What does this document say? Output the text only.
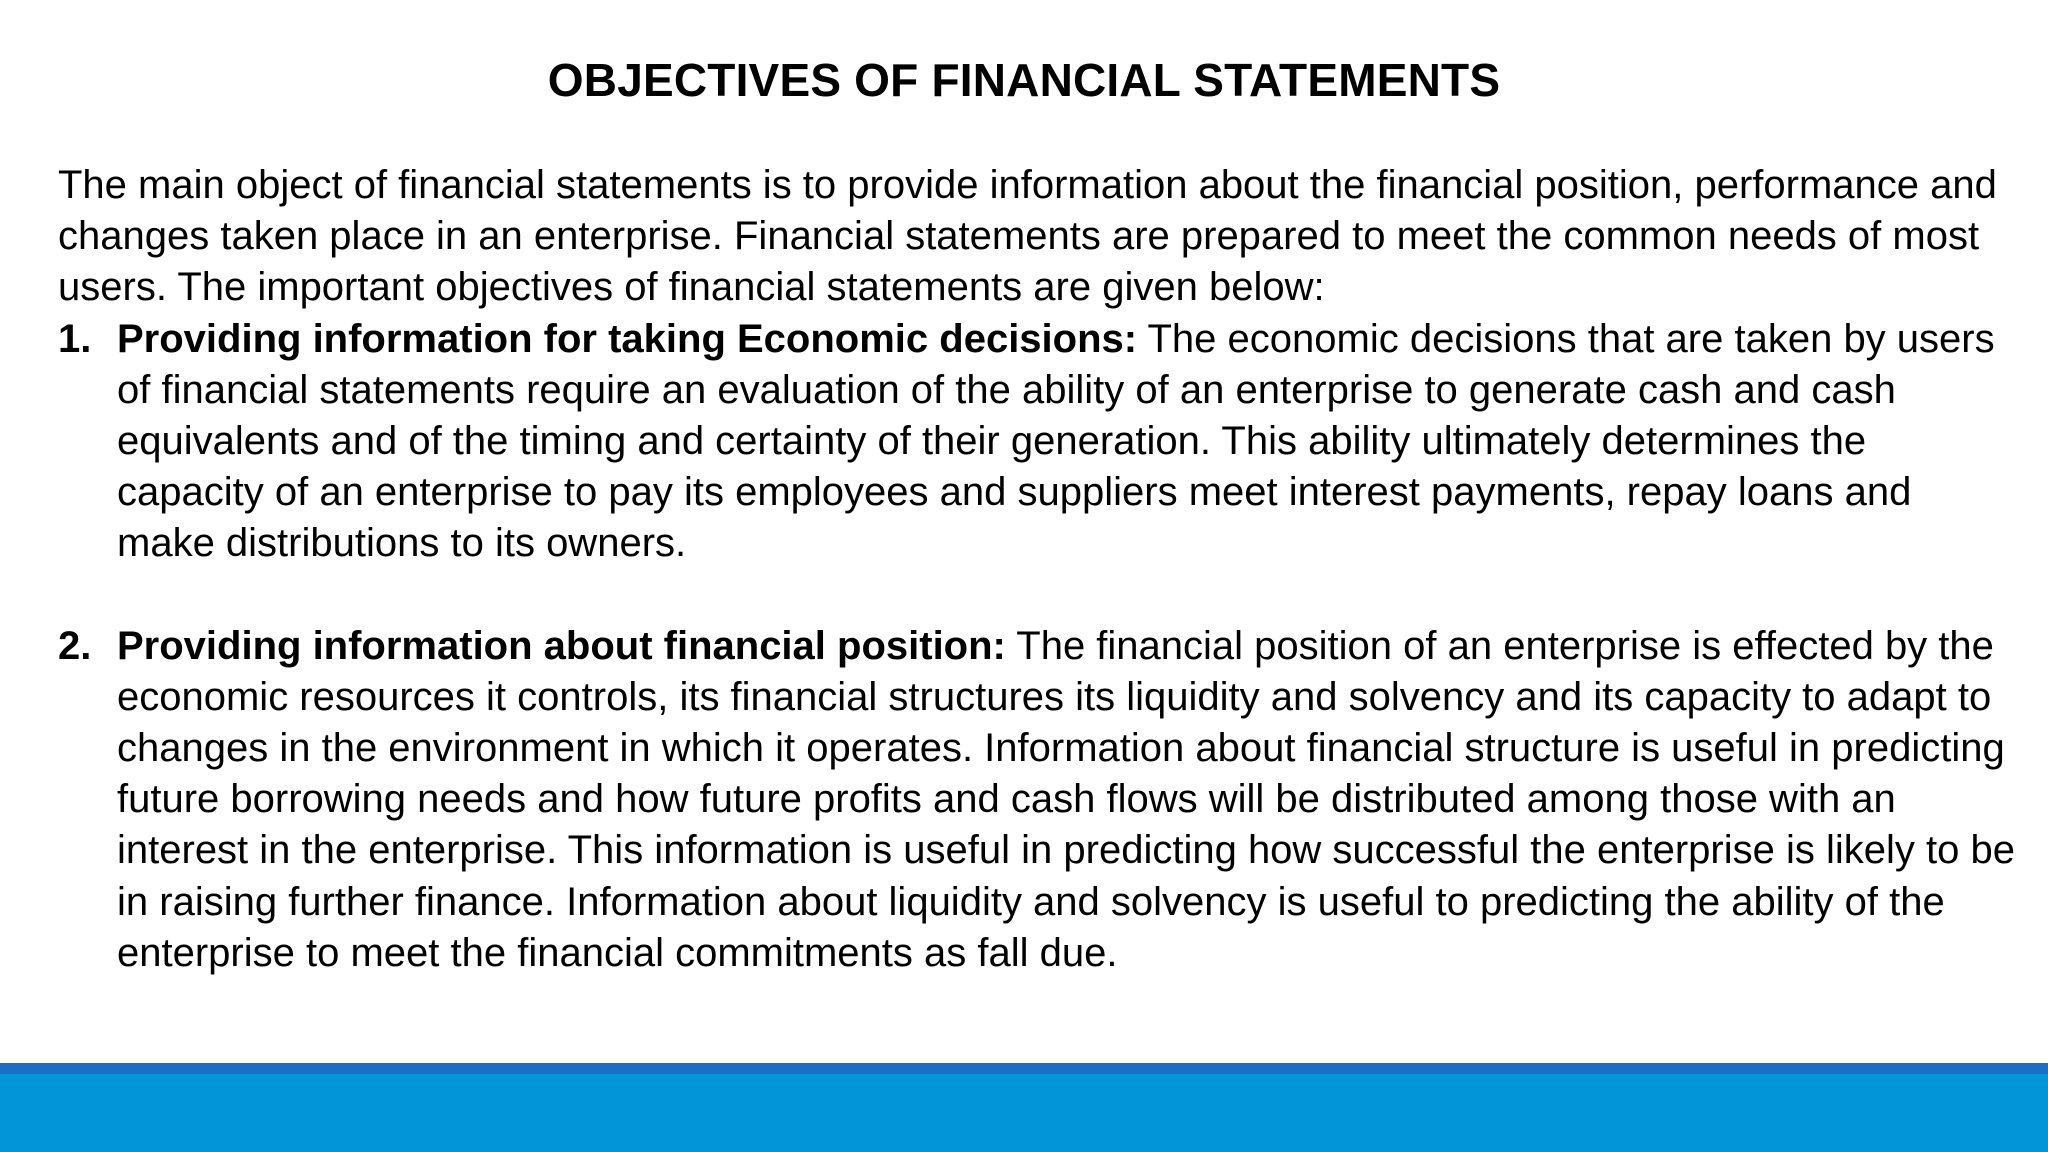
OBJECTIVES OF FINANCIAL STATEMENTS

The main object of financial statements is to provide information about the financial position, performance and changes taken place in an enterprise. Financial statements are prepared to meet the common needs of most users. The important objectives of financial statements are given below:

1. Providing information for taking Economic decisions: The economic decisions that are taken by users of financial statements require an evaluation of the ability of an enterprise to generate cash and cash equivalents and of the timing and certainty of their generation. This ability ultimately determines the capacity of an enterprise to pay its employees and suppliers meet interest payments, repay loans and make distributions to its owners.
2. Providing information about financial position: The financial position of an enterprise is effected by the economic resources it controls, its financial structures its liquidity and solvency and its capacity to adapt to changes in the environment in which it operates. Information about financial structure is useful in predicting future borrowing needs and how future profits and cash flows will be distributed among those with an interest in the enterprise. This information is useful in predicting how successful the enterprise is likely to be in raising further finance. Information about liquidity and solvency is useful to predicting the ability of the enterprise to meet the financial commitments as fall due.
